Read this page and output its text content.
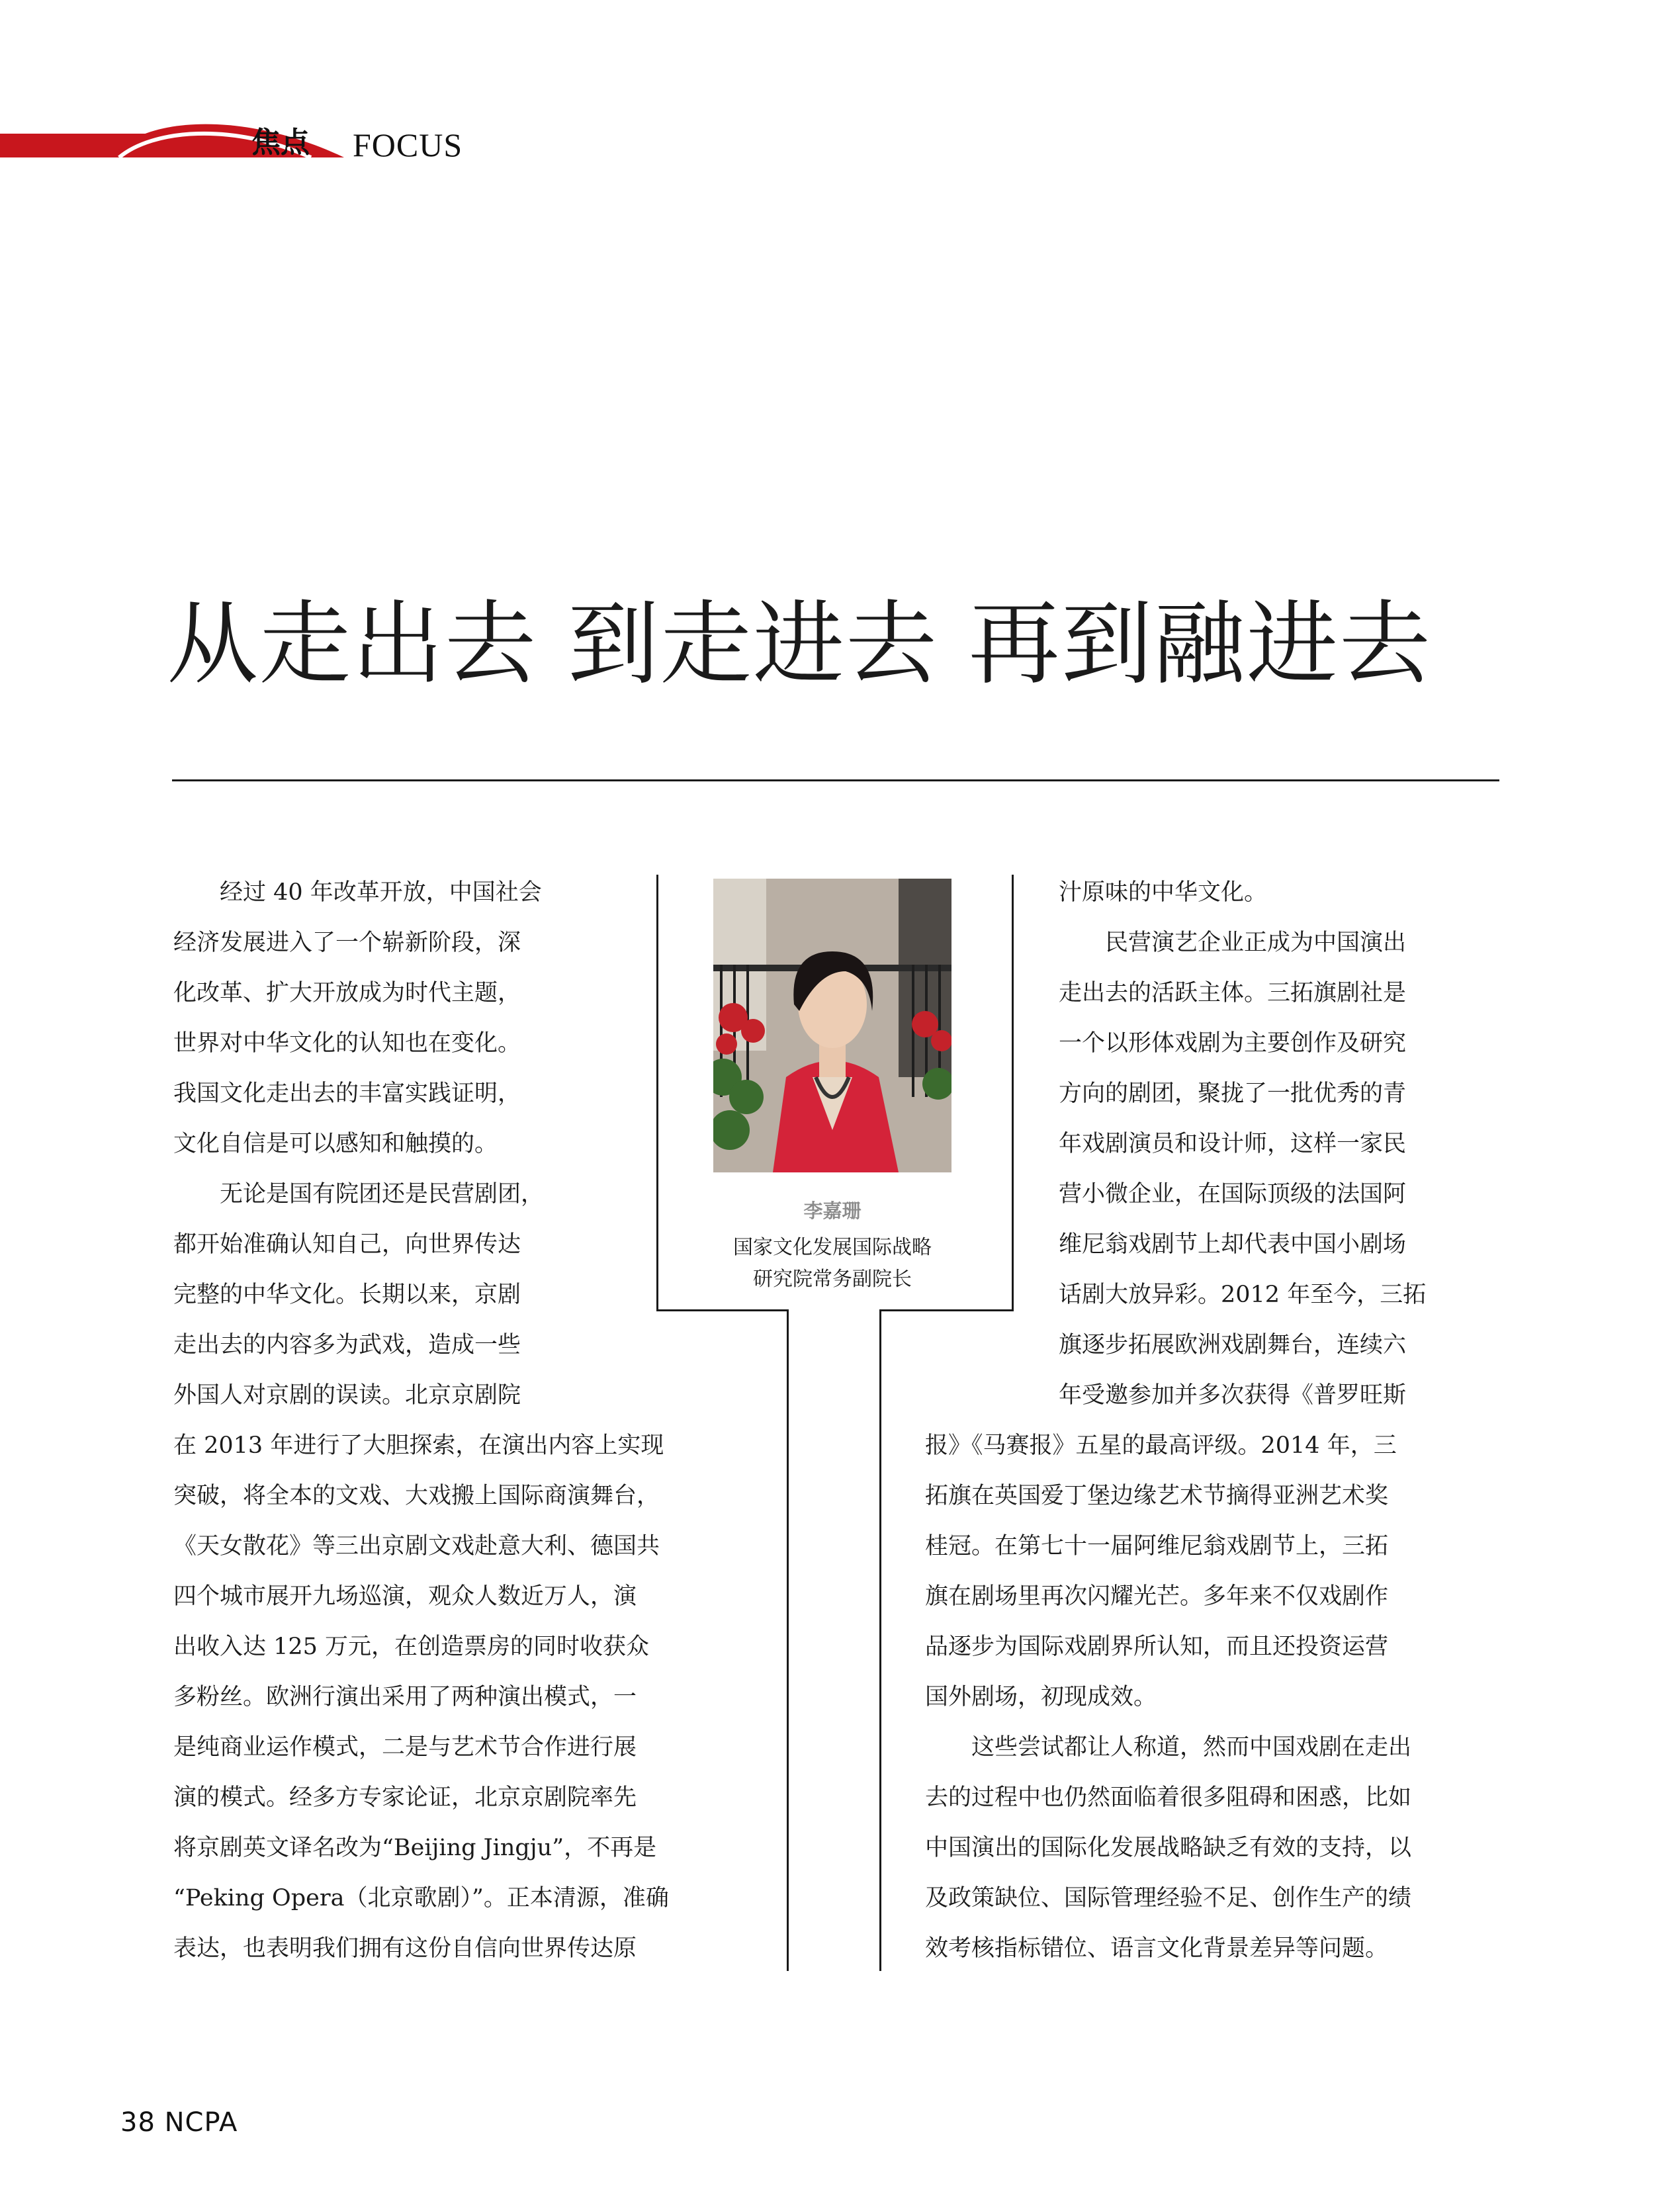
焦点 FOCUS
从走出去 到走进去 再到融进去
　　经过 40 年改革开放，中国社会
经济发展进入了一个崭新阶段，深
化改革、扩大开放成为时代主题，
世界对中华文化的认知也在变化。
我国文化走出去的丰富实践证明，
文化自信是可以感知和触摸的。
　　无论是国有院团还是民营剧团，
都开始准确认知自己，向世界传达
完整的中华文化。长期以来，京剧
走出去的内容多为武戏，造成一些
外国人对京剧的误读。北京京剧院
在 2013 年进行了大胆探索，在演出内容上实现
突破，将全本的文戏、大戏搬上国际商演舞台，
《天女散花》等三出京剧文戏赴意大利、德国共
四个城市展开九场巡演，观众人数近万人，演
出收入达 125 万元，在创造票房的同时收获众
多粉丝。欧洲行演出采用了两种演出模式，一
是纯商业运作模式，二是与艺术节合作进行展
演的模式。经多方专家论证，北京京剧院率先
将京剧英文译名改为“Beijing Jingju”，不再是
“Peking Opera（北京歌剧）”。正本清源，准确
表达，也表明我们拥有这份自信向世界传达原
汁原味的中华文化。
　　民营演艺企业正成为中国演出
走出去的活跃主体。三拓旗剧社是
一个以形体戏剧为主要创作及研究
方向的剧团，聚拢了一批优秀的青
年戏剧演员和设计师，这样一家民
营小微企业，在国际顶级的法国阿
维尼翁戏剧节上却代表中国小剧场
话剧大放异彩。2012 年至今，三拓
旗逐步拓展欧洲戏剧舞台，连续六
年受邀参加并多次获得《普罗旺斯
报》《马赛报》五星的最高评级。2014 年，三
拓旗在英国爱丁堡边缘艺术节摘得亚洲艺术奖
桂冠。在第七十一届阿维尼翁戏剧节上，三拓
旗在剧场里再次闪耀光芒。多年来不仅戏剧作
品逐步为国际戏剧界所认知，而且还投资运营
国外剧场，初现成效。
　　这些尝试都让人称道，然而中国戏剧在走出
去的过程中也仍然面临着很多阻碍和困惑，比如
中国演出的国际化发展战略缺乏有效的支持，以
及政策缺位、国际管理经验不足、创作生产的绩
效考核指标错位、语言文化背景差异等问题。
李嘉珊
国家文化发展国际战略
研究院常务副院长
38 NCPA
